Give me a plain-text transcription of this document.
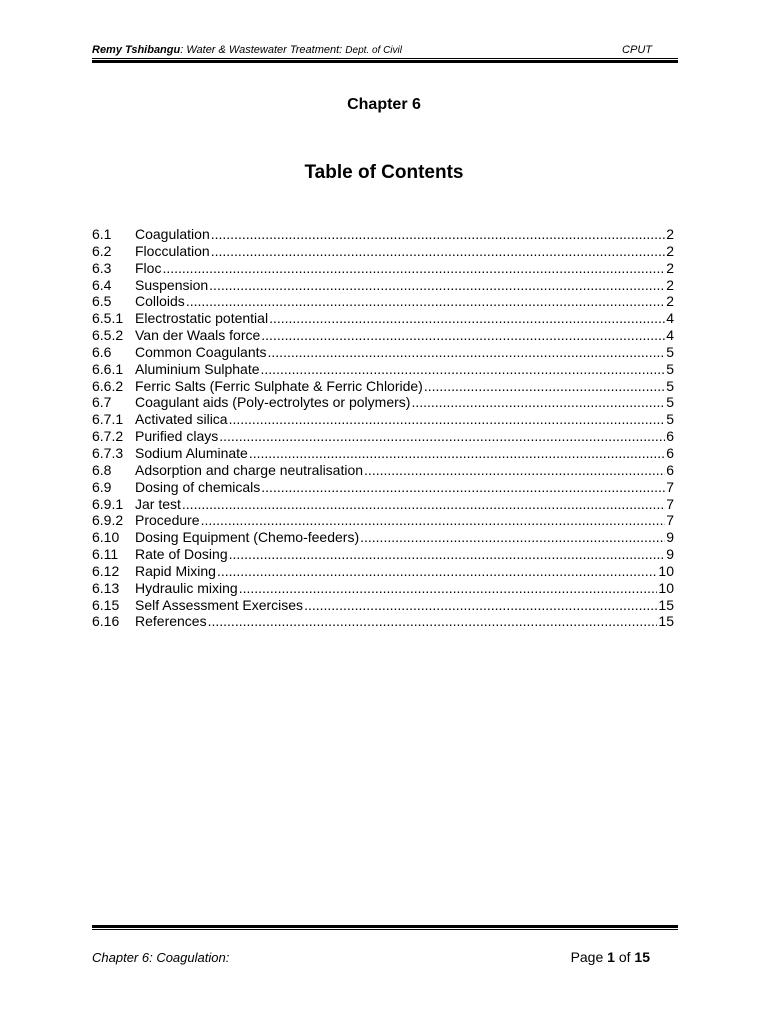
Remy Tshibangu: Water & Wastewater Treatment: Dept. of Civil	CPUT
Chapter 6
Table of Contents
6.1	Coagulation .....	2
6.2	Flocculation .....	2
6.3	Floc .....	2
6.4	Suspension .....	2
6.5	Colloids .....	2
6.5.1 Electrostatic potential .....	4
6.5.2 Van der Waals force .....	4
6.6	Common Coagulants .....	5
6.6.1 Aluminium Sulphate .....	5
6.6.2 Ferric Salts (Ferric Sulphate & Ferric Chloride) .....	5
6.7	Coagulant aids (Poly-ectrolytes or polymers) .....	5
6.7.1 Activated silica .....	5
6.7.2 Purified clays .....	6
6.7.3 Sodium Aluminate .....	6
6.8	Adsorption and charge neutralisation .....	6
6.9	Dosing of chemicals .....	7
6.9.1 Jar test .....	7
6.9.2 Procedure .....	7
6.10	Dosing Equipment (Chemo-feeders) .....	9
6.11	Rate of Dosing .....	9
6.12	Rapid Mixing .....	10
6.13	Hydraulic mixing .....	10
6.15	Self Assessment Exercises .....	15
6.16	References .....	15
Chapter 6: Coagulation:	Page 1 of 15
